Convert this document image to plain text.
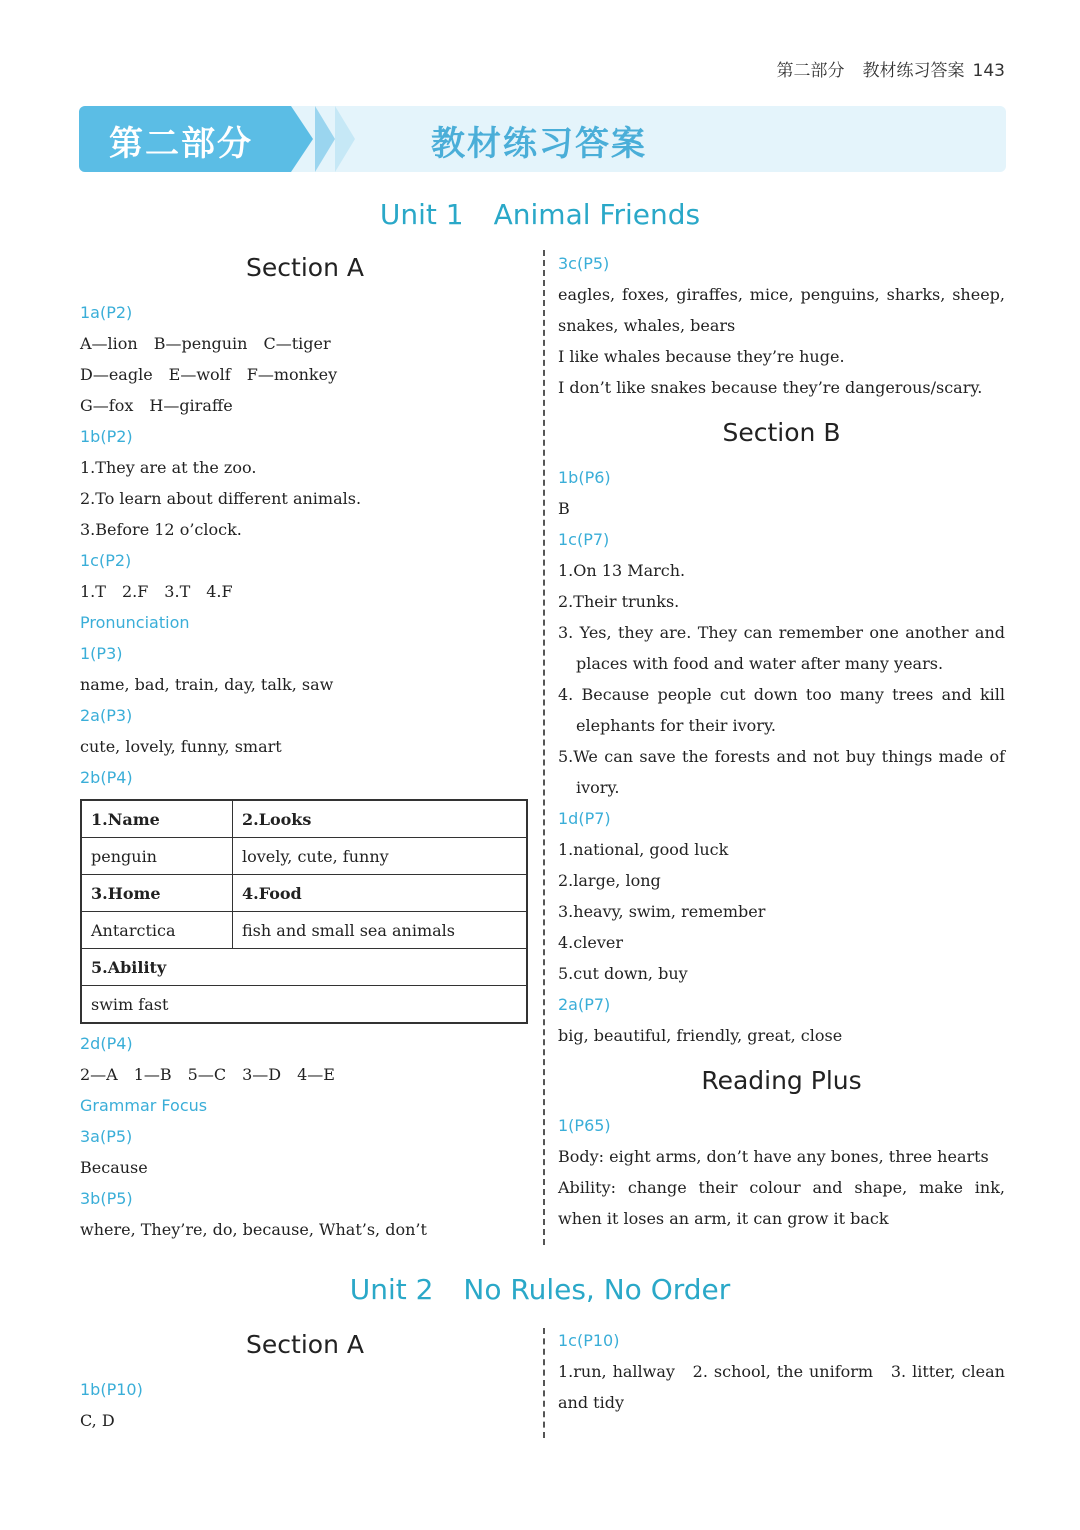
第二部分 教材练习答案 143
第二部分	教材练习答案
Unit 1 Animal Friends
Section A
1a(P2)
A—lion　B—penguin　C—tiger
D—eagle　E—wolf　F—monkey
G—fox　H—giraffe
1b(P2)
1.They are at the zoo.
2.To learn about different animals.
3.Before 12 o’clock.
1c(P2)
1.T　2.F　3.T　4.F
Pronunciation
1(P3)
name, bad, train, day, talk, saw
2a(P3)
cute, lovely, funny, smart
2b(P4)
1.Name	2.Looks
penguin	lovely, cute, funny
3.Home	4.Food
Antarctica	fish and small sea animals
5.Ability	
swim fast	
2d(P4)
2—A　1—B　5—C　3—D　4—E
Grammar Focus
3a(P5)
Because
3b(P5)
where, They’re, do, because, What’s, don’t
3c(P5)
eagles, foxes, giraffes, mice, penguins, sharks, sheep, snakes, whales, bears
I like whales because they’re huge.
I don’t like snakes because they’re dangerous/scary.
Section B
1b(P6)
B
1c(P7)
1.On 13 March.
2.Their trunks.
3. Yes, they are. They can remember one another and places with food and water after many years.
4. Because people cut down too many trees and kill elephants for their ivory.
5.We can save the forests and not buy things made of ivory.
1d(P7)
1.national, good luck
2.large, long
3.heavy, swim, remember
4.clever
5.cut down, buy
2a(P7)
big, beautiful, friendly, great, close
Reading Plus
1(P65)
Body: eight arms, don’t have any bones, three hearts
Ability: change their colour and shape, make ink, when it loses an arm, it can grow it back
Unit 2 No Rules, No Order
Section A
1b(P10)
C, D
1c(P10)
1.run, hallway　2. school, the uniform　3. litter, clean and tidy
